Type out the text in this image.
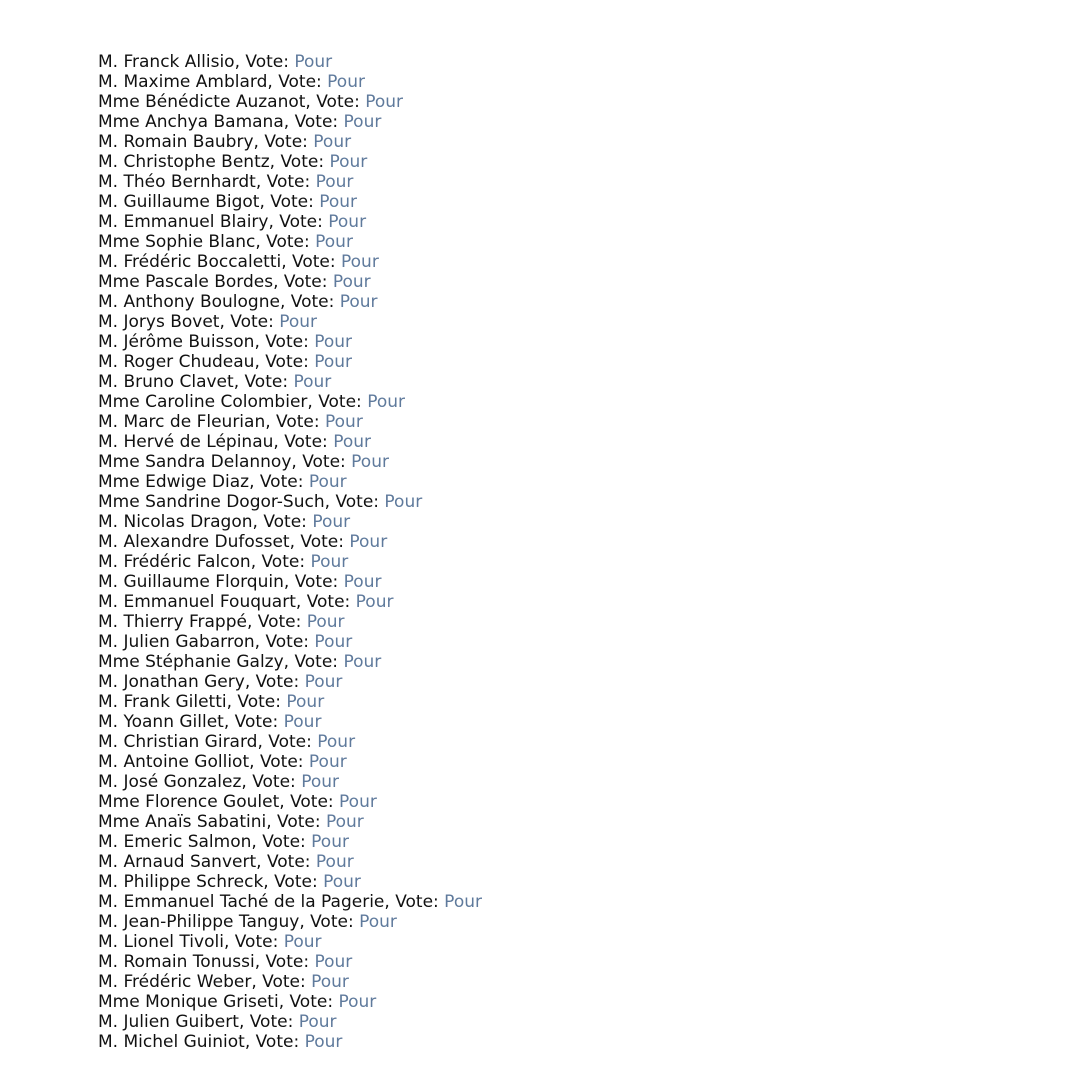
M. Franck Allisio, Vote: Pour
M. Maxime Amblard, Vote: Pour
Mme Bénédicte Auzanot, Vote: Pour
Mme Anchya Bamana, Vote: Pour
M. Romain Baubry, Vote: Pour
M. Christophe Bentz, Vote: Pour
M. Théo Bernhardt, Vote: Pour
M. Guillaume Bigot, Vote: Pour
M. Emmanuel Blairy, Vote: Pour
Mme Sophie Blanc, Vote: Pour
M. Frédéric Boccaletti, Vote: Pour
Mme Pascale Bordes, Vote: Pour
M. Anthony Boulogne, Vote: Pour
M. Jorys Bovet, Vote: Pour
M. Jérôme Buisson, Vote: Pour
M. Roger Chudeau, Vote: Pour
M. Bruno Clavet, Vote: Pour
Mme Caroline Colombier, Vote: Pour
M. Marc de Fleurian, Vote: Pour
M. Hervé de Lépinau, Vote: Pour
Mme Sandra Delannoy, Vote: Pour
Mme Edwige Diaz, Vote: Pour
Mme Sandrine Dogor-Such, Vote: Pour
M. Nicolas Dragon, Vote: Pour
M. Alexandre Dufosset, Vote: Pour
M. Frédéric Falcon, Vote: Pour
M. Guillaume Florquin, Vote: Pour
M. Emmanuel Fouquart, Vote: Pour
M. Thierry Frappé, Vote: Pour
M. Julien Gabarron, Vote: Pour
Mme Stéphanie Galzy, Vote: Pour
M. Jonathan Gery, Vote: Pour
M. Frank Giletti, Vote: Pour
M. Yoann Gillet, Vote: Pour
M. Christian Girard, Vote: Pour
M. Antoine Golliot, Vote: Pour
M. José Gonzalez, Vote: Pour
Mme Florence Goulet, Vote: Pour
Mme Anaïs Sabatini, Vote: Pour
M. Emeric Salmon, Vote: Pour
M. Arnaud Sanvert, Vote: Pour
M. Philippe Schreck, Vote: Pour
M. Emmanuel Taché de la Pagerie, Vote: Pour
M. Jean-Philippe Tanguy, Vote: Pour
M. Lionel Tivoli, Vote: Pour
M. Romain Tonussi, Vote: Pour
M. Frédéric Weber, Vote: Pour
Mme Monique Griseti, Vote: Pour
M. Julien Guibert, Vote: Pour
M. Michel Guiniot, Vote: Pour
